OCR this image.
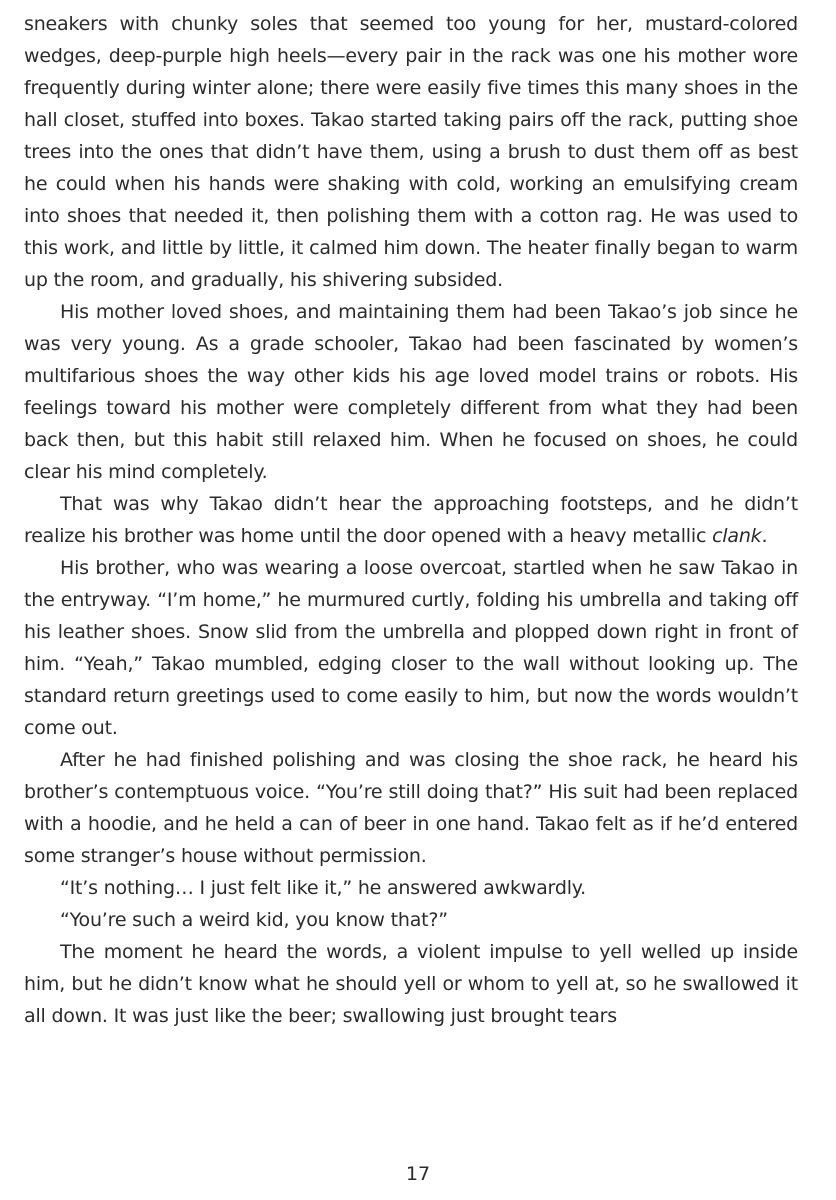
sneakers with chunky soles that seemed too young for her, mustard-colored wedges, deep-purple high heels—every pair in the rack was one his mother wore frequently during winter alone; there were easily five times this many shoes in the hall closet, stuffed into boxes. Takao started taking pairs off the rack, putting shoe trees into the ones that didn’t have them, using a brush to dust them off as best he could when his hands were shaking with cold, working an emulsifying cream into shoes that needed it, then polishing them with a cotton rag. He was used to this work, and little by little, it calmed him down. The heater finally began to warm up the room, and gradually, his shivering subsided.

His mother loved shoes, and maintaining them had been Takao’s job since he was very young. As a grade schooler, Takao had been fascinated by women’s multifarious shoes the way other kids his age loved model trains or robots. His feelings toward his mother were completely different from what they had been back then, but this habit still relaxed him. When he focused on shoes, he could clear his mind completely.

That was why Takao didn’t hear the approaching footsteps, and he didn’t realize his brother was home until the door opened with a heavy metallic clank.

His brother, who was wearing a loose overcoat, startled when he saw Takao in the entryway. “I’m home,” he murmured curtly, folding his umbrella and taking off his leather shoes. Snow slid from the umbrella and plopped down right in front of him. “Yeah,” Takao mumbled, edging closer to the wall without looking up. The standard return greetings used to come easily to him, but now the words wouldn’t come out.

After he had finished polishing and was closing the shoe rack, he heard his brother’s contemptuous voice. “You’re still doing that?” His suit had been replaced with a hoodie, and he held a can of beer in one hand. Takao felt as if he’d entered some stranger’s house without permission.

“It’s nothing… I just felt like it,” he answered awkwardly.

“You’re such a weird kid, you know that?”

The moment he heard the words, a violent impulse to yell welled up inside him, but he didn’t know what he should yell or whom to yell at, so he swallowed it all down. It was just like the beer; swallowing just brought tears

17
